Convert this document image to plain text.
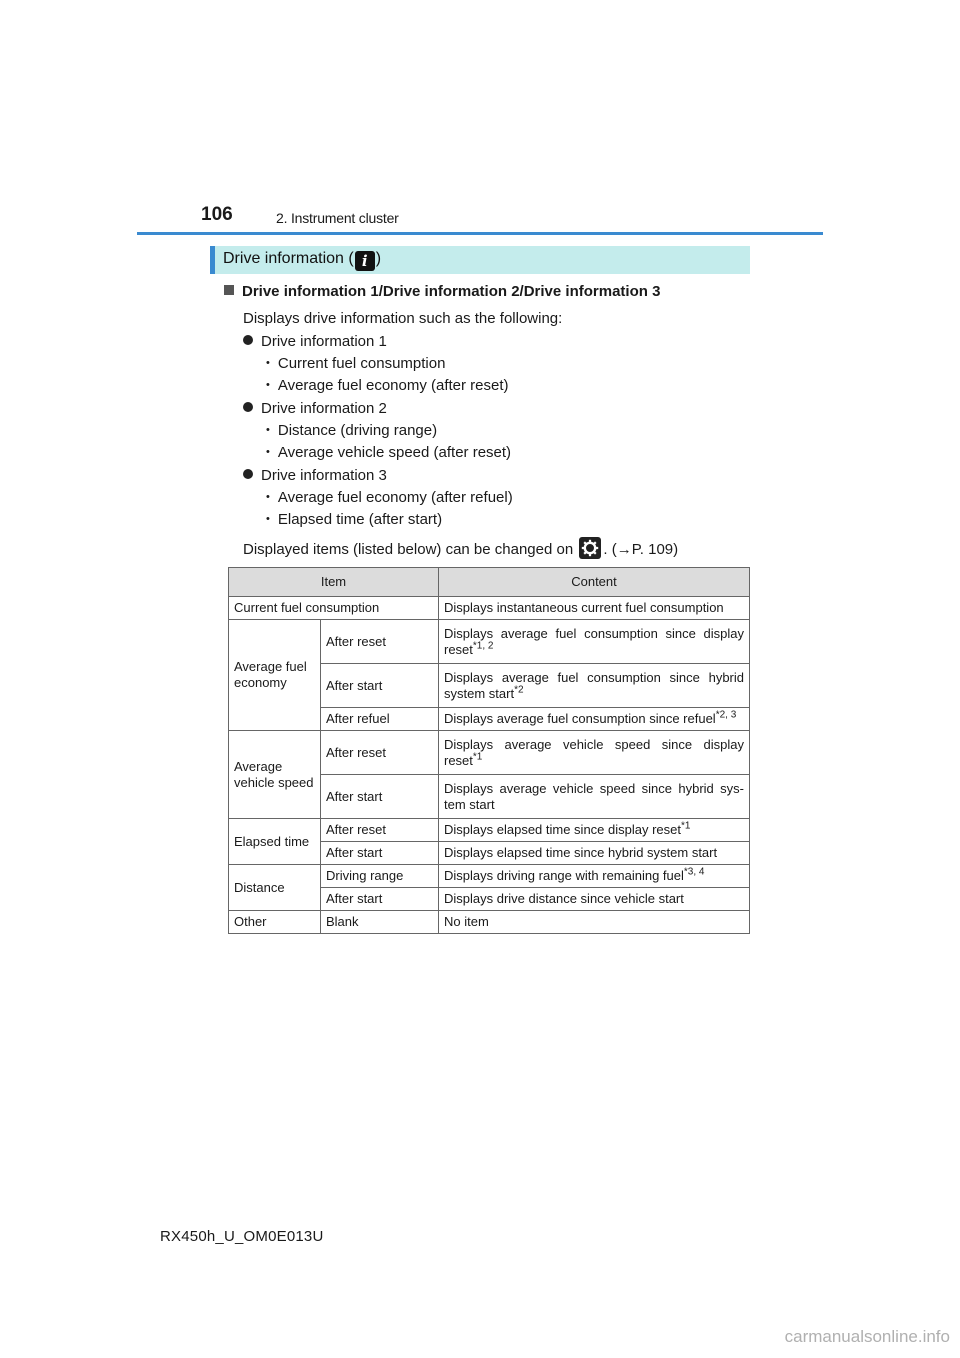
106	2. Instrument cluster
Drive information ( i )
Drive information 1/Drive information 2/Drive information 3
Displays drive information such as the following:
Drive information 1
• Current fuel consumption
• Average fuel economy (after reset)
Drive information 2
• Distance (driving range)
• Average vehicle speed (after reset)
Drive information 3
• Average fuel economy (after refuel)
• Elapsed time (after start)
Displayed items (listed below) can be changed on . (→P. 109)
Item		Content
Current fuel consumption		Displays instantaneous current fuel consumption
Average fuel economy	After reset	Displays average fuel consumption since display reset$^{*1, 2}$
	After start	Displays average fuel consumption since hybrid system start$^{*2}$
	After refuel	Displays average fuel consumption since refuel$^{*2, 3}$
Average vehicle speed	After reset	Displays average vehicle speed since display reset$^{*1}$
	After start	Displays average vehicle speed since hybrid sys-tem start
Elapsed time	After reset	Displays elapsed time since display reset$^{*1}$
	After start	Displays elapsed time since hybrid system start
Distance	Driving range	Displays driving range with remaining fuel$^{*3, 4}$
	After start	Displays drive distance since vehicle start
Other	Blank	No item
RX450h_U_OM0E013U
carmanualsonline.info
